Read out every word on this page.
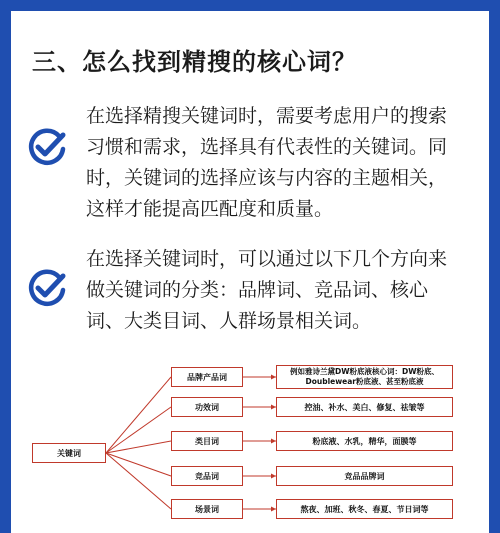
三、怎么找到精搜的核心词？
在选择精搜关键词时，需要考虑用户的搜索习惯和需求，选择具有代表性的关键词。同时，关键词的选择应该与内容的主题相关，这样才能提高匹配度和质量。
在选择关键词时，可以通过以下几个方向来做关键词的分类：品牌词、竞品词、核心词、大类目词、人群场景相关词。
关键词
品牌产品词
功效词
类目词
竞品词
场景词
例如雅诗兰黛DW粉底液核心词：DW粉底、Doublewear粉底液、甚至粉底液
控油、补水、美白、修复、祛皱等
粉底液、水乳，精华，面膜等
竞品品牌词
熬夜、加班、秋冬、春夏、节日词等
